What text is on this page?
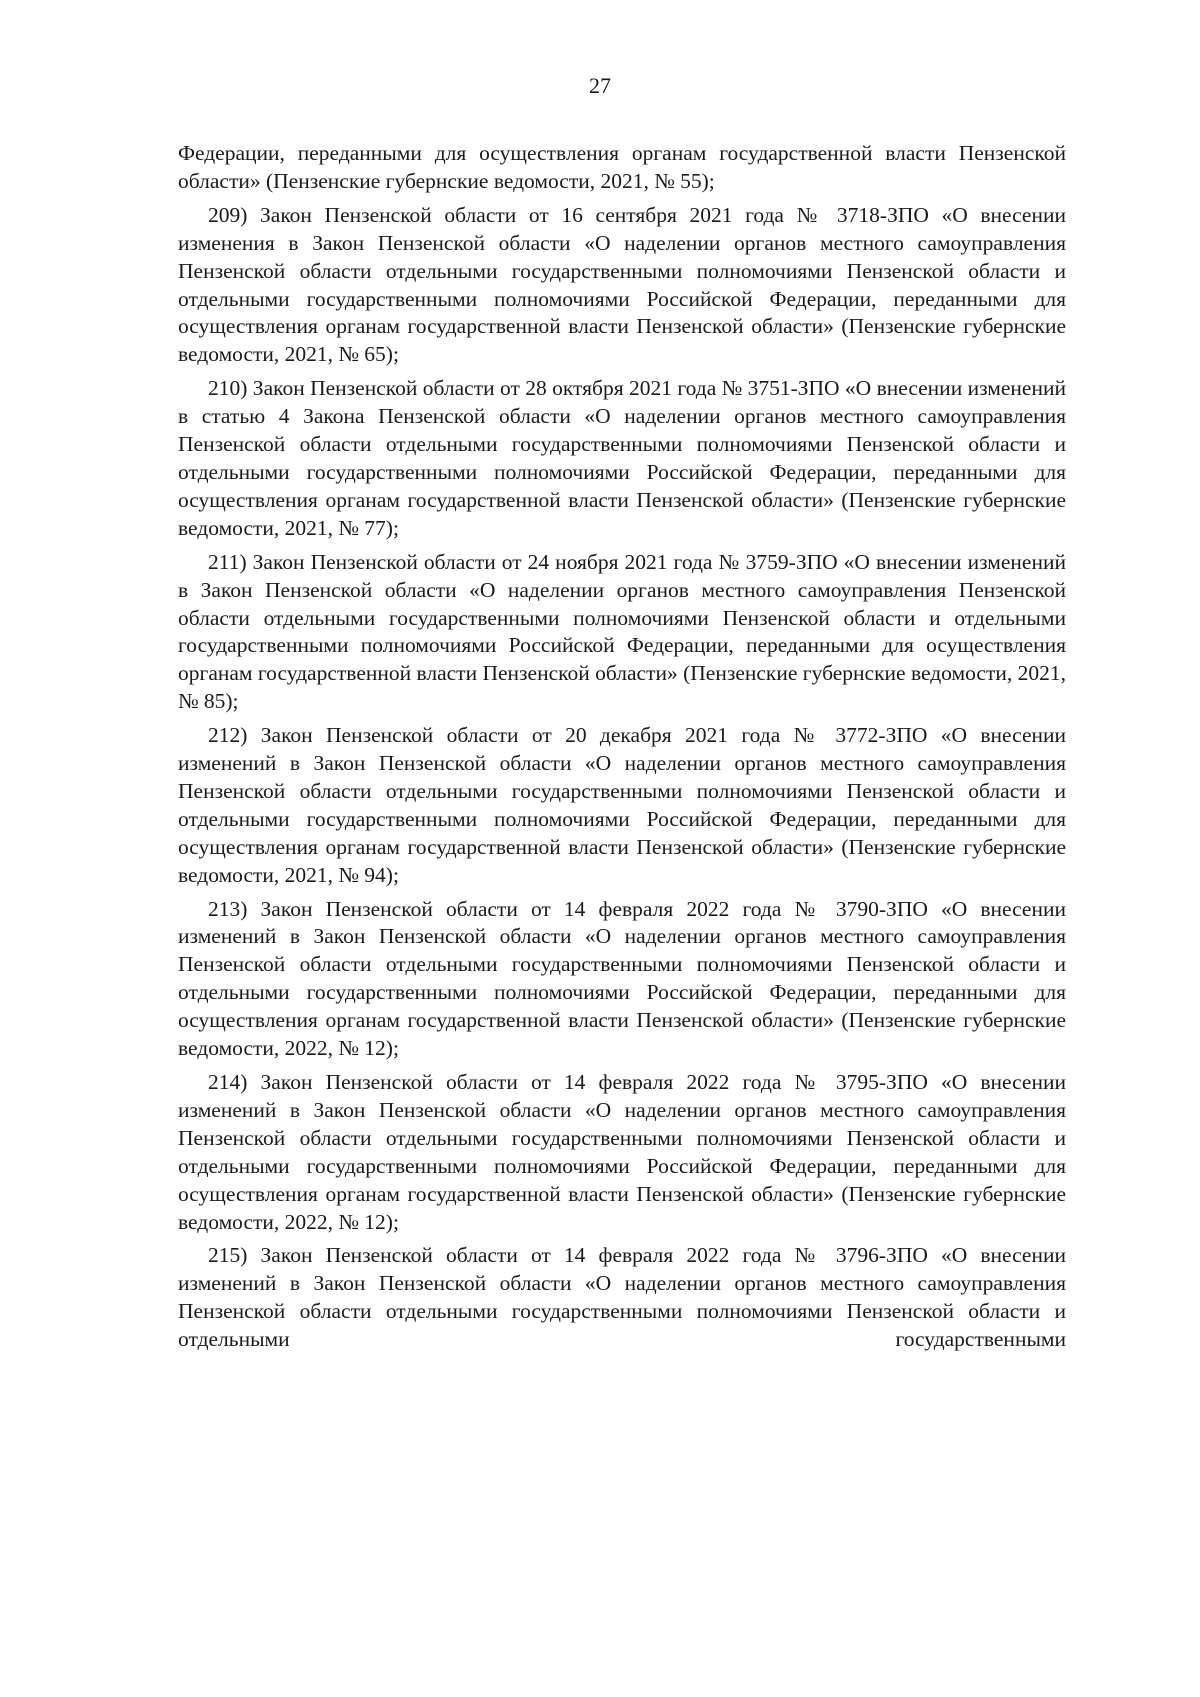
27

Федерации, переданными для осуществления органам государственной власти Пензенской области» (Пензенские губернские ведомости, 2021, № 55);

209) Закон Пензенской области от 16 сентября 2021 года № 3718-ЗПО «О внесении изменения в Закон Пензенской области «О наделении органов местного самоуправления Пензенской области отдельными государственными полномочиями Пензенской области и отдельными государственными полномочиями Российской Федерации, переданными для осуществления органам государственной власти Пензенской области» (Пензенские губернские ведомости, 2021, № 65);

210) Закон Пензенской области от 28 октября 2021 года № 3751-ЗПО «О внесении изменений в статью 4 Закона Пензенской области «О наделении органов местного самоуправления Пензенской области отдельными государственными полномочиями Пензенской области и отдельными государственными полномочиями Российской Федерации, переданными для осуществления органам государственной власти Пензенской области» (Пензенские губернские ведомости, 2021, № 77);

211) Закон Пензенской области от 24 ноября 2021 года № 3759-ЗПО «О внесении изменений в Закон Пензенской области «О наделении органов местного самоуправления Пензенской области отдельными государственными полномочиями Пензенской области и отдельными государственными полномочиями Российской Федерации, переданными для осуществления органам государственной власти Пензенской области» (Пензенские губернские ведомости, 2021, № 85);

212) Закон Пензенской области от 20 декабря 2021 года № 3772-ЗПО «О внесении изменений в Закон Пензенской области «О наделении органов местного самоуправления Пензенской области отдельными государственными полномочиями Пензенской области и отдельными государственными полномочиями Российской Федерации, переданными для осуществления органам государственной власти Пензенской области» (Пензенские губернские ведомости, 2021, № 94);

213) Закон Пензенской области от 14 февраля 2022 года № 3790-ЗПО «О внесении изменений в Закон Пензенской области «О наделении органов местного самоуправления Пензенской области отдельными государственными полномочиями Пензенской области и отдельными государственными полномочиями Российской Федерации, переданными для осуществления органам государственной власти Пензенской области» (Пензенские губернские ведомости, 2022, № 12);

214) Закон Пензенской области от 14 февраля 2022 года № 3795-ЗПО «О внесении изменений в Закон Пензенской области «О наделении органов местного самоуправления Пензенской области отдельными государственными полномочиями Пензенской области и отдельными государственными полномочиями Российской Федерации, переданными для осуществления органам государственной власти Пензенской области» (Пензенские губернские ведомости, 2022, № 12);

215) Закон Пензенской области от 14 февраля 2022 года № 3796-ЗПО «О внесении изменений в Закон Пензенской области «О наделении органов местного самоуправления Пензенской области отдельными государственными полномочиями Пензенской области и отдельными государственными
